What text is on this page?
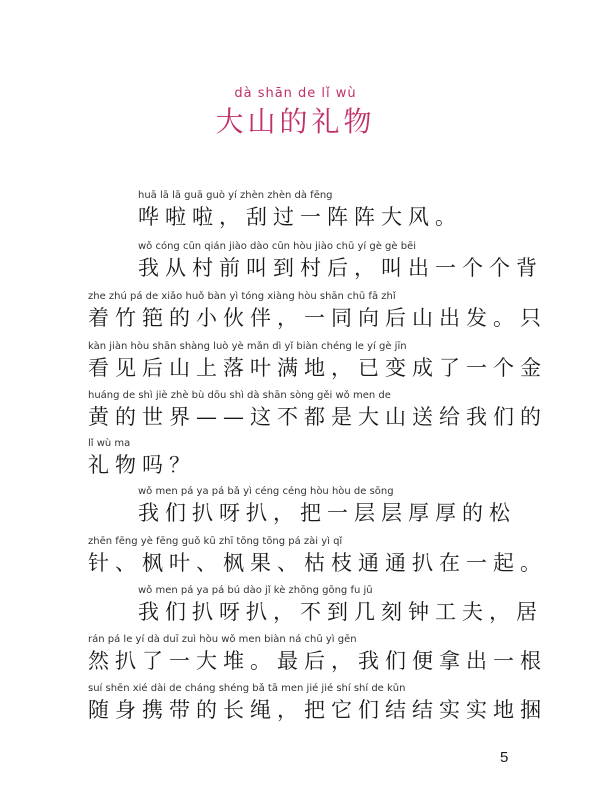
dà shān de lǐ wù
大山的礼物
huā lā lā guā guò yí zhèn zhèn dà fēng
哗啦啦，刮过一阵阵大风。
wǒ cóng cūn qián jiào dào cūn hòu jiào chū yí gè gè bēi
我从村前叫到村后，叫出一个个背
zhe zhú pá de xiǎo huǒ bàn yì tóng xiàng hòu shān chū fā zhǐ
着竹筢的小伙伴，一同向后山出发。只
kàn jiàn hòu shān shàng luò yè mǎn dì yǐ biàn chéng le yí gè jīn
看见后山上落叶满地，已变成了一个金
huáng de shì jiè zhè bù dōu shì dà shān sòng gěi wǒ men de
黄的世界——这不都是大山送给我们的
lǐ wù ma
礼物吗？
wǒ men pá ya pá bǎ yì céng céng hòu hòu de sōng
我们扒呀扒，把一层层厚厚的松
zhēn fēng yè fēng guǒ kū zhī tōng tōng pá zài yì qǐ
针、枫叶、枫果、枯枝通通扒在一起。
wǒ men pá ya pá bú dào jǐ kè zhōng gōng fu jū
我们扒呀扒，不到几刻钟工夫，居
rán pá le yí dà duī zuì hòu wǒ men biàn ná chū yì gēn
然扒了一大堆。最后，我们便拿出一根
suí shēn xié dài de cháng shéng bǎ tā men jié jié shí shí de kǔn
随身携带的长绳，把它们结结实实地捆
5
